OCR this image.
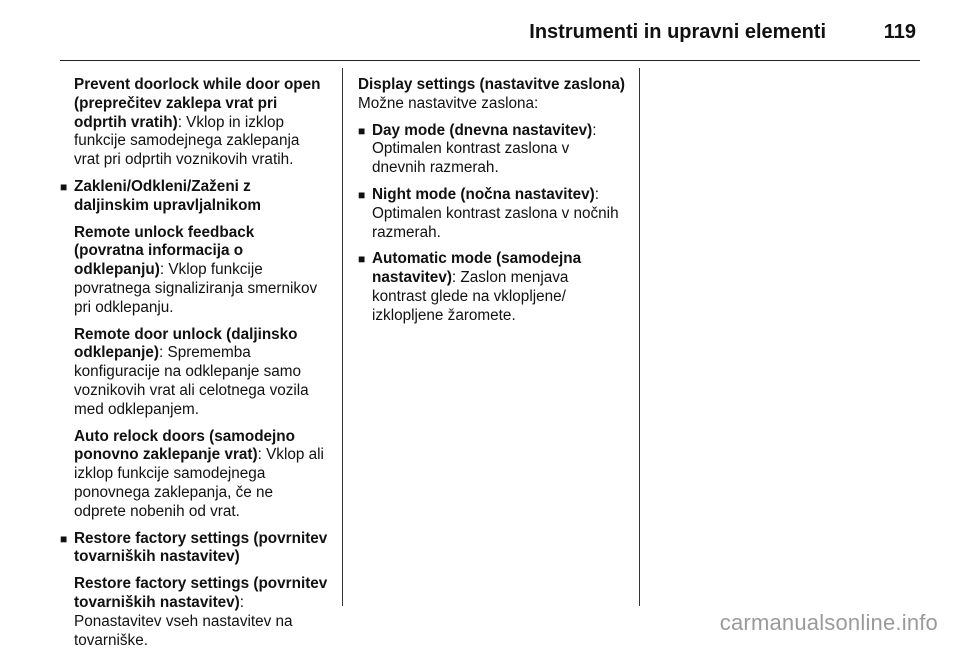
Instrumenti in upravni elementi	119

Prevent doorlock while door open (preprečitev zaklepa vrat pri odprtih vratih): Vklop in izklop funkcije samodejnega zaklepanja vrat pri odprtih voznikovih vratih.

■ Zakleni/Odkleni/Zaženi z daljinskim upravljalnikom

Remote unlock feedback (povratna informacija o odklepanju): Vklop funkcije povratnega signaliziranja smernikov pri odklepanju.

Remote door unlock (daljinsko odklepanje): Sprememba konfiguracije na odklepanje samo voznikovih vrat ali celotnega vozila med odklepanjem.

Auto relock doors (samodejno ponovno zaklepanje vrat): Vklop ali izklop funkcije samodejnega ponovnega zaklepanja, če ne odprete nobenih od vrat.

■ Restore factory settings (povrnitev tovarniških nastavitev)

Restore factory settings (povrnitev tovarniških nastavitev): Ponastavitev vseh nastavitev na tovarniške.

Display settings (nastavitve zaslona)

Možne nastavitve zaslona:

■ Day mode (dnevna nastavitev): Optimalen kontrast zaslona v dnevnih razmerah.

■ Night mode (nočna nastavitev): Optimalen kontrast zaslona v nočnih razmerah.

■ Automatic mode (samodejna nastavitev): Zaslon menjava kontrast glede na vklopljene/ izklopljene žaromete.

carmanualsonline.info
